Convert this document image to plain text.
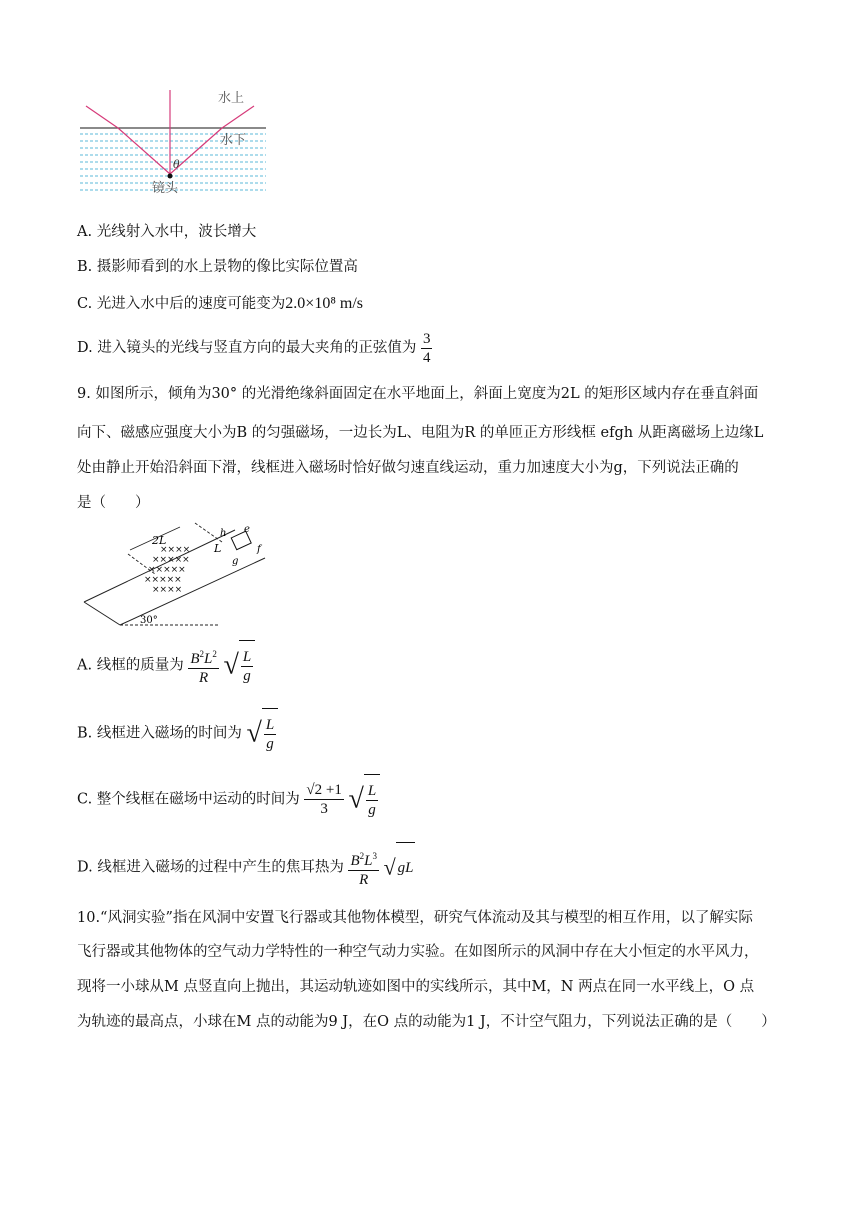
水上
水下
θ
镜头
A. 光线射入水中，波长增大
B. 摄影师看到的水上景物的像比实际位置高
C. 光进入水中后的速度可能变为2.0×10⁸ m/s
D. 进入镜头的光线与竖直方向的最大夹角的正弦值为 $\frac{3}{4}$
9. 如图所示，倾角为30° 的光滑绝缘斜面固定在水平地面上，斜面上宽度为2L 的矩形区域内存在垂直斜面
向下、磁感应强度大小为B 的匀强磁场，一边长为L、电阻为R 的单匝正方形线框 efgh 从距离磁场上边缘L
处由静止开始沿斜面下滑，线框进入磁场时恰好做匀速直线运动，重力加速度大小为g，下列说法正确的
是（　　）
×××××
×××××
×××××
××××
××××
2L
L
h e
f
g
30°
A. 线框的质量为 $\frac{B^2L^2}{R}$ √ $\frac{L}{g}$
B. 线框进入磁场的时间为 √ $\frac{L}{g}$
C. 整个线框在磁场中运动的时间为 $\frac{√2 +1}{3}$ √ $\frac{L}{g}$
D. 线框进入磁场的过程中产生的焦耳热为 $\frac{B^2L^3}{R}$ √ gL
10.“风洞实验”指在风洞中安置飞行器或其他物体模型，研究气体流动及其与模型的相互作用，以了解实际
飞行器或其他物体的空气动力学特性的一种空气动力实验。在如图所示的风洞中存在大小恒定的水平风力，
现将一小球从M 点竖直向上抛出，其运动轨迹如图中的实线所示，其中M，N 两点在同一水平线上，O 点
为轨迹的最高点，小球在M 点的动能为9 J，在O 点的动能为1 J，不计空气阻力，下列说法正确的是（　　）
